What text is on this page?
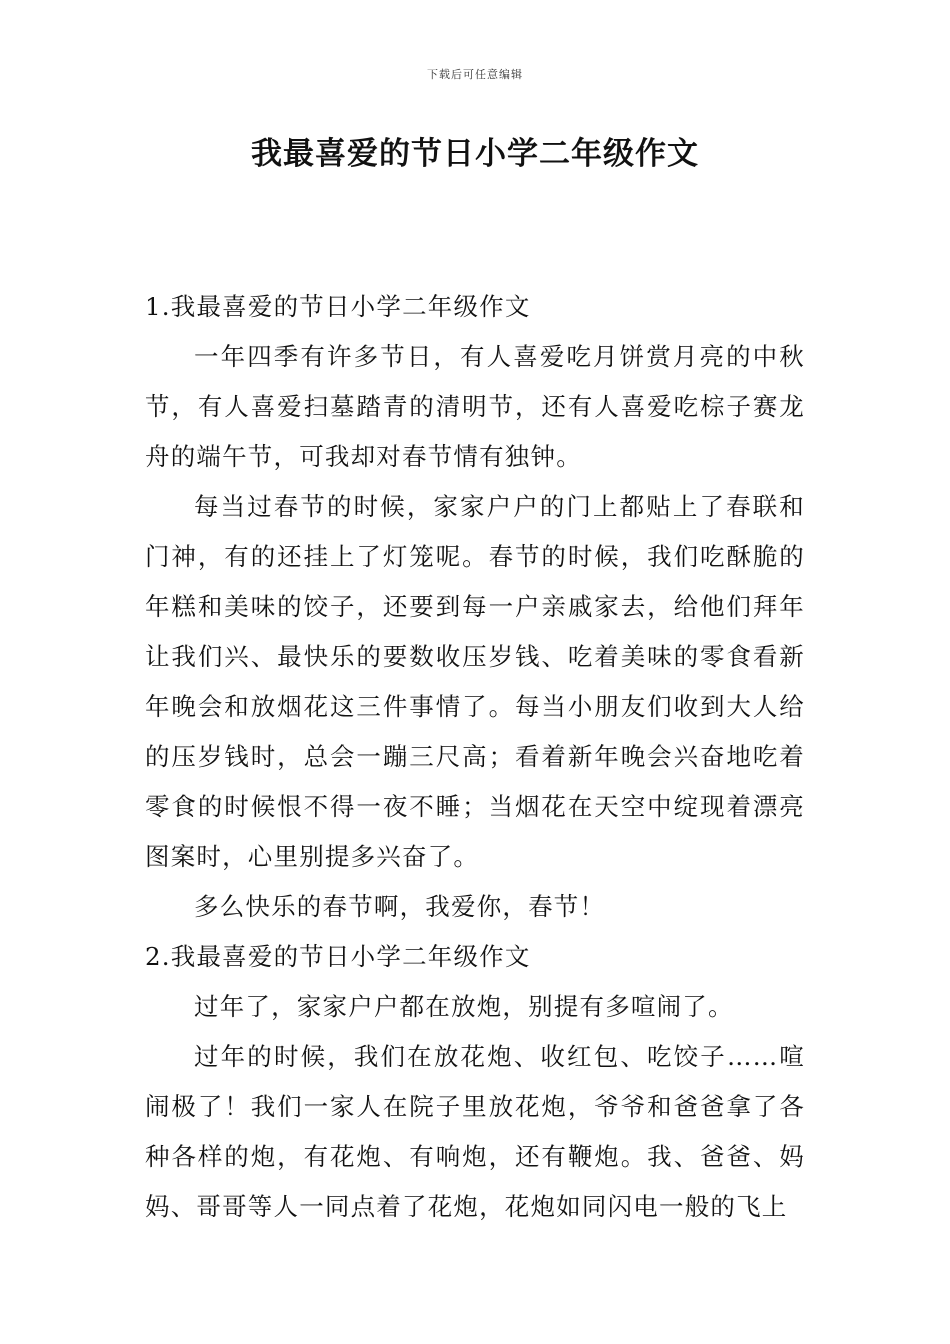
下载后可任意编辑
我最喜爱的节日小学二年级作文

1.我最喜爱的节日小学二年级作文

一年四季有许多节日，有人喜爱吃月饼赏月亮的中秋节，有人喜爱扫墓踏青的清明节，还有人喜爱吃棕子赛龙舟的端午节，可我却对春节情有独钟。

每当过春节的时候，家家户户的门上都贴上了春联和门神，有的还挂上了灯笼呢。春节的时候，我们吃酥脆的年糕和美味的饺子，还要到每一户亲戚家去，给他们拜年让我们兴、最快乐的要数收压岁钱、吃着美味的零食看新年晚会和放烟花这三件事情了。每当小朋友们收到大人给的压岁钱时，总会一蹦三尺高；看着新年晚会兴奋地吃着零食的时候恨不得一夜不睡；当烟花在天空中绽现着漂亮图案时，心里别提多兴奋了。

多么快乐的春节啊，我爱你，春节！

2.我最喜爱的节日小学二年级作文

过年了，家家户户都在放炮，别提有多喧闹了。

过年的时候，我们在放花炮、收红包、吃饺子……喧闹极了！我们一家人在院子里放花炮，爷爷和爸爸拿了各种各样的炮，有花炮、有响炮，还有鞭炮。我、爸爸、妈妈、哥哥等人一同点着了花炮，花炮如同闪电一般的飞上
